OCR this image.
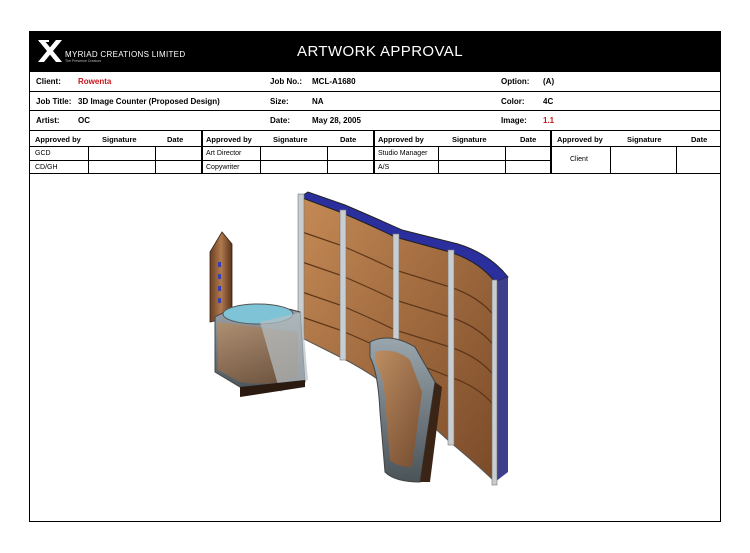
MYRIAD CREATIONS LIMITED
The Presence Creators
ARTWORK APPROVAL
Client: Rowenta	Job No.: MCL-A1680	Option: (A)
Job Title: 3D Image Counter (Proposed Design)	Size:	NA	Color: 4C
Artist: OC	Date:	May 28, 2005	Image: 1.1
Approved by	Signature	Date
GCD
CD/GH
Approved by	Signature	Date
Art Director
Copywriter
Approved by	Signature	Date
Studio Manager
A/S
Approved by	Signature	Date
Client
